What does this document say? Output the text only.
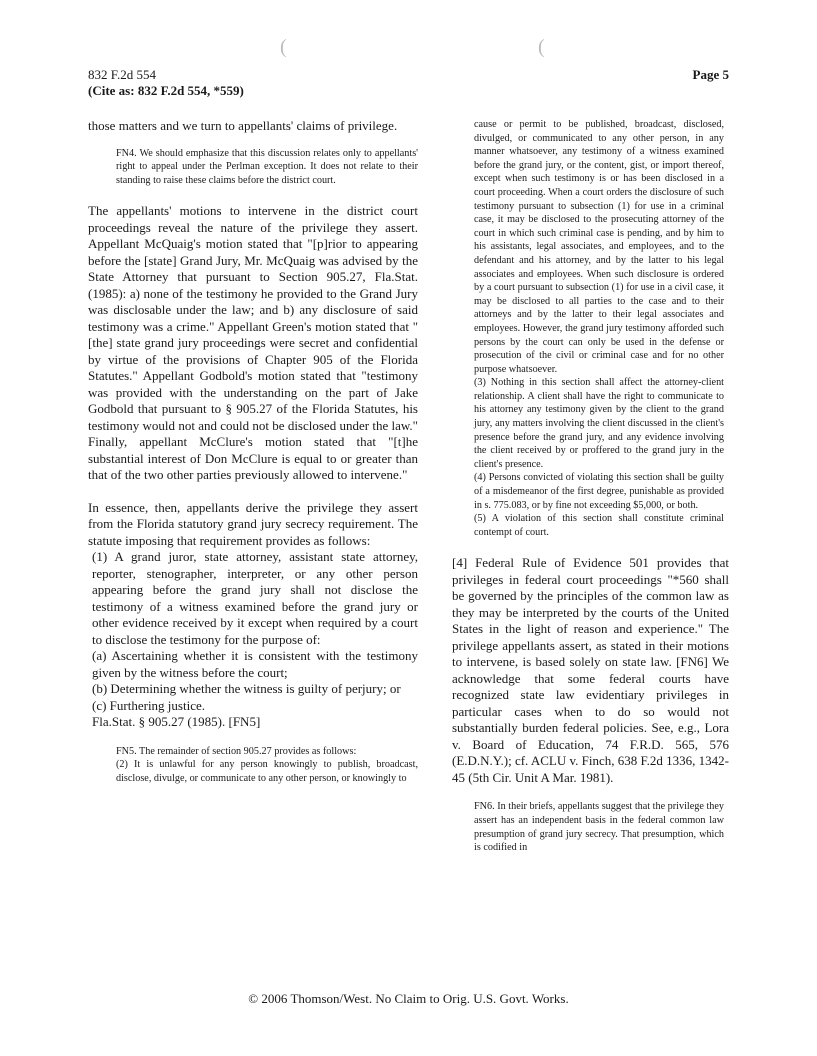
(	(
832 F.2d 554
(Cite as: 832 F.2d 554, *559)
Page 5

those matters and we turn to appellants' claims of privilege.

FN4. We should emphasize that this discussion relates only to appellants' right to appeal under the Perlman exception. It does not relate to their standing to raise these claims before the district court.

The appellants' motions to intervene in the district court proceedings reveal the nature of the privilege they assert. Appellant McQuaig's motion stated that "[p]rior to appearing before the [state] Grand Jury, Mr. McQuaig was advised by the State Attorney that pursuant to Section 905.27, Fla.Stat. (1985): a) none of the testimony he provided to the Grand Jury was disclosable under the law; and b) any disclosure of said testimony was a crime." Appellant Green's motion stated that "[the] state grand jury proceedings were secret and confidential by virtue of the provisions of Chapter 905 of the Florida Statutes." Appellant Godbold's motion stated that "testimony was provided with the understanding on the part of Jake Godbold that pursuant to § 905.27 of the Florida Statutes, his testimony would not and could not be disclosed under the law." Finally, appellant McClure's motion stated that "[t]he substantial interest of Don McClure is equal to or greater than that of the two other parties previously allowed to intervene."

In essence, then, appellants derive the privilege they assert from the Florida statutory grand jury secrecy requirement. The statute imposing that requirement provides as follows:

(1) A grand juror, state attorney, assistant state attorney, reporter, stenographer, interpreter, or any other person appearing before the grand jury shall not disclose the testimony of a witness examined before the grand jury or other evidence received by it except when required by a court to disclose the testimony for the purpose of:

(a) Ascertaining whether it is consistent with the testimony given by the witness before the court;

(b) Determining whether the witness is guilty of perjury; or

(c) Furthering justice.

Fla.Stat. § 905.27 (1985). [FN5]

FN5. The remainder of section 905.27 provides as follows:

(2) It is unlawful for any person knowingly to publish, broadcast, disclose, divulge, or communicate to any other person, or knowingly to

cause or permit to be published, broadcast, disclosed, divulged, or communicated to any other person, in any manner whatsoever, any testimony of a witness examined before the grand jury, or the content, gist, or import thereof, except when such testimony is or has been disclosed in a court proceeding. When a court orders the disclosure of such testimony pursuant to subsection (1) for use in a criminal case, it may be disclosed to the prosecuting attorney of the court in which such criminal case is pending, and by him to his assistants, legal associates, and employees, and to the defendant and his attorney, and by the latter to his legal associates and employees. When such disclosure is ordered by a court pursuant to subsection (1) for use in a civil case, it may be disclosed to all parties to the case and to their attorneys and by the latter to their legal associates and employees. However, the grand jury testimony afforded such persons by the court can only be used in the defense or prosecution of the civil or criminal case and for no other purpose whatsoever.

(3) Nothing in this section shall affect the attorney-client relationship. A client shall have the right to communicate to his attorney any testimony given by the client to the grand jury, any matters involving the client discussed in the client's presence before the grand jury, and any evidence involving the client received by or proffered to the grand jury in the client's presence.

(4) Persons convicted of violating this section shall be guilty of a misdemeanor of the first degree, punishable as provided in s. 775.083, or by fine not exceeding $5,000, or both.

(5) A violation of this section shall constitute criminal contempt of court.

[4] Federal Rule of Evidence 501 provides that privileges in federal court proceedings "*560 shall be governed by the principles of the common law as they may be interpreted by the courts of the United States in the light of reason and experience." The privilege appellants assert, as stated in their motions to intervene, is based solely on state law. [FN6] We acknowledge that some federal courts have recognized state law evidentiary privileges in particular cases when to do so would not substantially burden federal policies. See, e.g., Lora v. Board of Education, 74 F.R.D. 565, 576 (E.D.N.Y.); cf. ACLU v. Finch, 638 F.2d 1336, 1342-45 (5th Cir. Unit A Mar. 1981).

FN6. In their briefs, appellants suggest that the privilege they assert has an independent basis in the federal common law presumption of grand jury secrecy. That presumption, which is codified in

© 2006 Thomson/West. No Claim to Orig. U.S. Govt. Works.
